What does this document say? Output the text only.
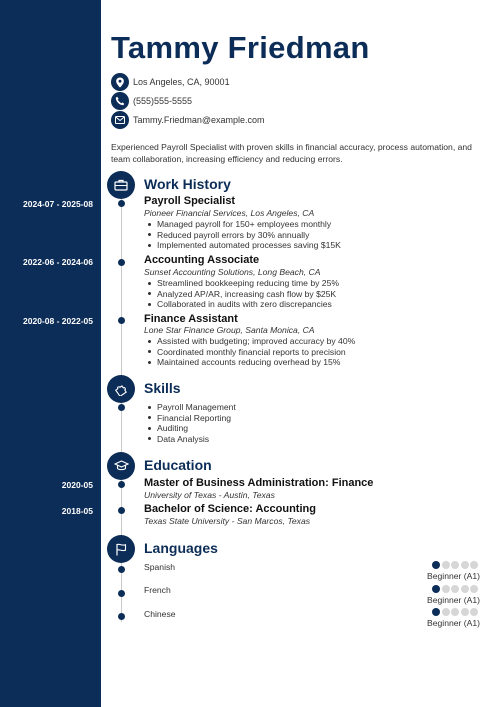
2024-07 - 2025-08
2022-06 - 2024-06
2020-08 - 2022-05
2020-05
2018-05
Tammy Friedman
Los Angeles, CA, 90001
(555)555-5555
Tammy.Friedman@example.com
Experienced Payroll Specialist with proven skills in financial accuracy, process automation, and team collaboration, increasing efficiency and reducing errors.
Work History
Payroll Specialist
Pioneer Financial Services, Los Angeles, CA
Managed payroll for 150+ employees monthly
Reduced payroll errors by 30% annually
Implemented automated processes saving $15K
Accounting Associate
Sunset Accounting Solutions, Long Beach, CA
Streamlined bookkeeping reducing time by 25%
Analyzed AP/AR, increasing cash flow by $25K
Collaborated in audits with zero discrepancies
Finance Assistant
Lone Star Finance Group, Santa Monica, CA
Assisted with budgeting; improved accuracy by 40%
Coordinated monthly financial reports to precision
Maintained accounts reducing overhead by 15%
Skills
Payroll Management
Financial Reporting
Auditing
Data Analysis
Education
Master of Business Administration: Finance
University of Texas - Austin, Texas
Bachelor of Science: Accounting
Texas State University - San Marcos, Texas
Languages
Spanish
Beginner (A1)
French
Beginner (A1)
Chinese
Beginner (A1)
